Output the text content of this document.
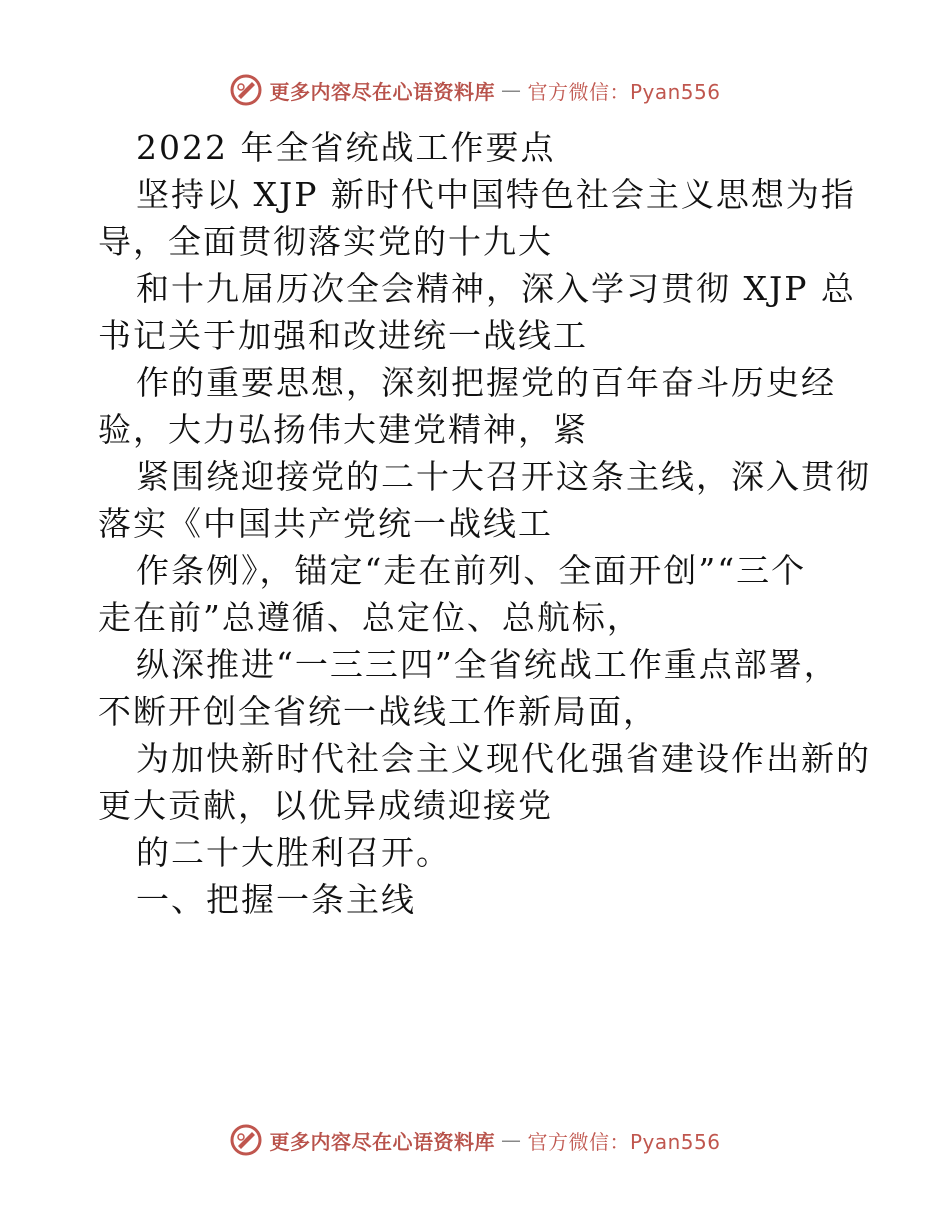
更多内容尽在心语资料库 — 官方微信：Pyan556
2022 年全省统战工作要点
坚持以 XJP 新时代中国特色社会主义思想为指
导，全面贯彻落实党的十九大
和十九届历次全会精神，深入学习贯彻 XJP 总
书记关于加强和改进统一战线工
作的重要思想，深刻把握党的百年奋斗历史经
验，大力弘扬伟大建党精神，紧
紧围绕迎接党的二十大召开这条主线，深入贯彻
落实《中国共产党统一战线工
作条例》，锚定“走在前列、全面开创”“三个
走在前”总遵循、总定位、总航标，
纵深推进“一三三四”全省统战工作重点部署，
不断开创全省统一战线工作新局面，
为加快新时代社会主义现代化强省建设作出新的
更大贡献，以优异成绩迎接党
的二十大胜利召开。
一、把握一条主线
更多内容尽在心语资料库 — 官方微信：Pyan556
